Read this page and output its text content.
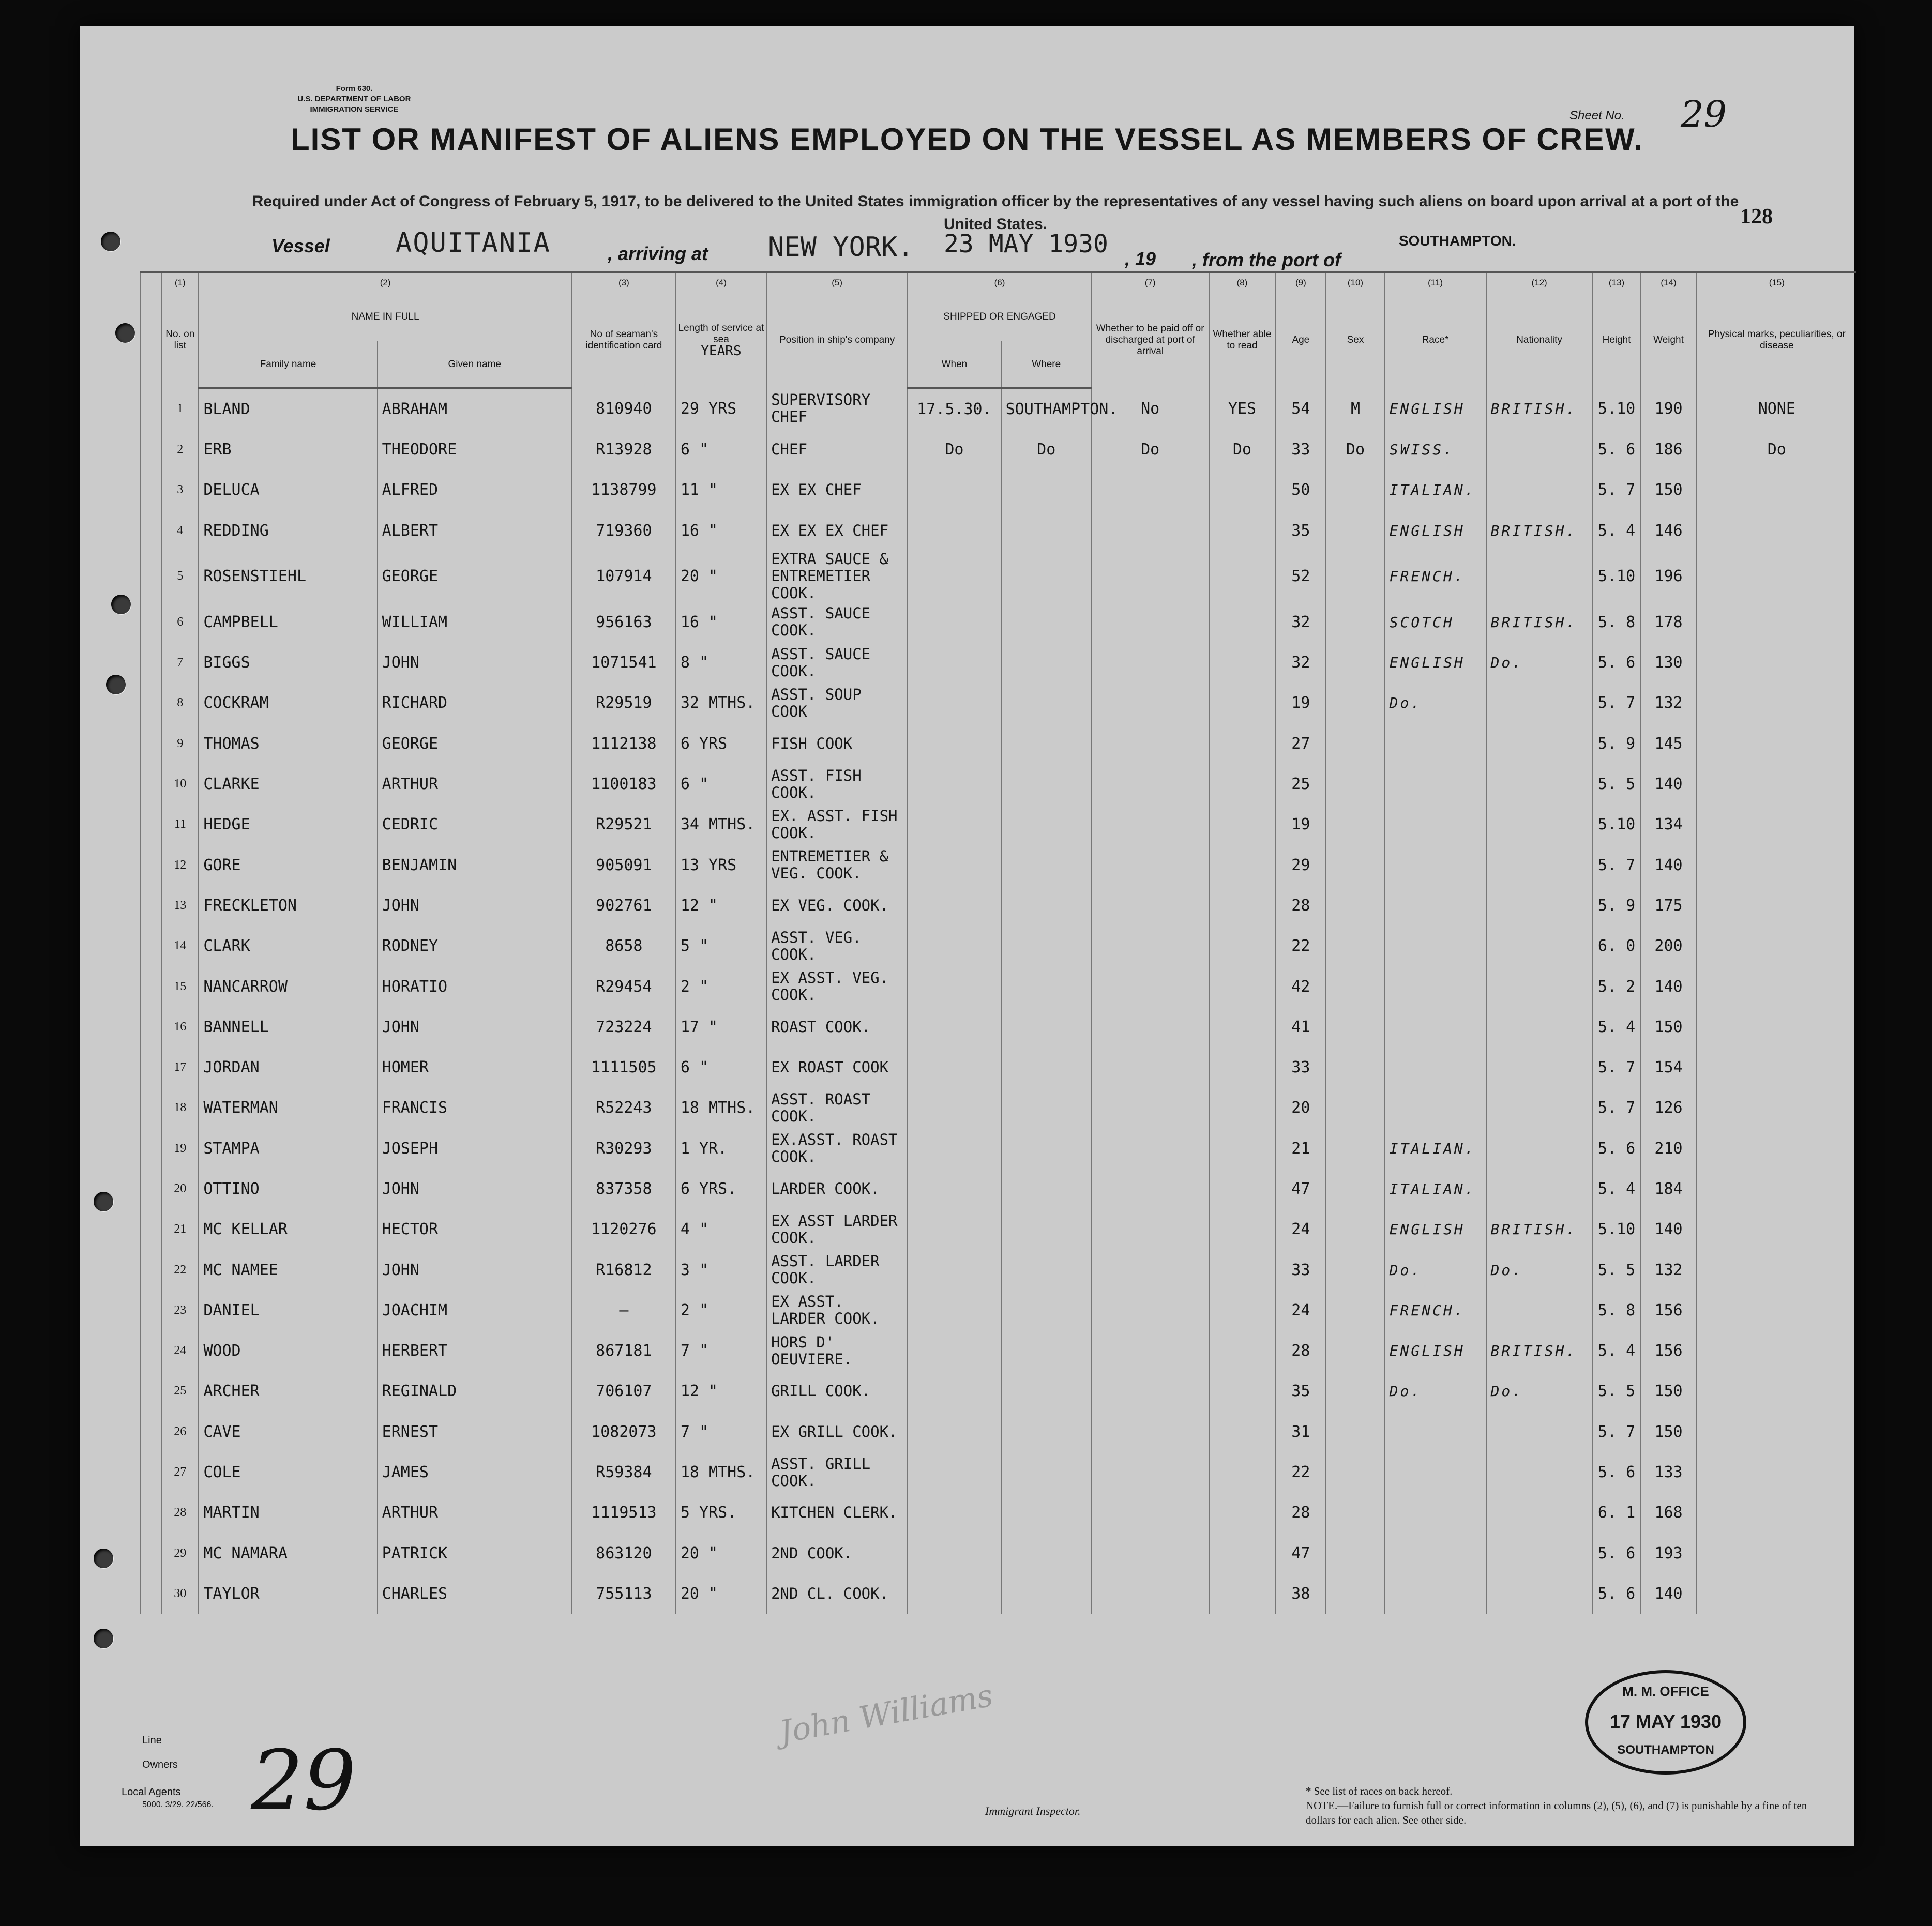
Form 630.
U.S. DEPARTMENT OF LABOR
IMMIGRATION SERVICE	Sheet No. 29
LIST OR MANIFEST OF ALIENS EMPLOYED ON THE VESSEL AS MEMBERS OF CREW.
Required under Act of Congress of February 5, 1917, to be delivered to the United States immigration officer by the representatives of any vessel having such aliens on board upon arrival at a port of the United States.	128
Vessel AQUITANIA	, arriving at NEW YORK. 23 MAY 1930
, 19 , from the port of
SOUTHAMPTON.
	(1)	(2)		(3)	(4)	(5)	(6)		(7)	(8)	(9)	(10)	(11)	(12)	(13)	(14)	(15)
	No. on list	NAME IN FULL		No of seaman's identification card	Length of service at sea
YEARS	Position in ship's company	SHIPPED OR ENGAGED		Whether to be paid off or discharged at port of arrival	Whether able to read	Age	Sex	Race*	Nationality	Height	Weight	Physical marks, peculiarities, or disease
		Family name	Given name				When	Where									
	1	BLAND	ABRAHAM	810940	29 YRS	SUPERVISORY CHEF	17.5.30.	SOUTHAMPTON.	No	YES	54	M	ENGLISH	BRITISH.	5.10	190	NONE
	2	ERB	THEODORE	R13928	6 "	CHEF	Do	Do	Do	Do	33	Do	SWISS.		5. 6	186	Do
	3	DELUCA	ALFRED	1138799	11 "	EX EX CHEF					50		ITALIAN.		5. 7	150	
	4	REDDING	ALBERT	719360	16 "	EX EX EX CHEF					35		ENGLISH	BRITISH.	5. 4	146	
	5	ROSENSTIEHL	GEORGE	107914	20 "	EXTRA SAUCE & ENTREMETIER COOK.					52		FRENCH.		5.10	196	
	6	CAMPBELL	WILLIAM	956163	16 "	ASST. SAUCE COOK.					32		SCOTCH	BRITISH.	5. 8	178	
	7	BIGGS	JOHN	1071541	8 "	ASST. SAUCE COOK.					32		ENGLISH	Do.	5. 6	130	
	8	COCKRAM	RICHARD	R29519	32 MTHS.	ASST. SOUP COOK					19		Do.		5. 7	132	
	9	THOMAS	GEORGE	1112138	6 YRS	FISH COOK					27				5. 9	145	
	10	CLARKE	ARTHUR	1100183	6 "	ASST. FISH COOK.					25				5. 5	140	
	11	HEDGE	CEDRIC	R29521	34 MTHS.	EX. ASST. FISH COOK.					19				5.10	134	
	12	GORE	BENJAMIN	905091	13 YRS	ENTREMETIER & VEG. COOK.					29				5. 7	140	
	13	FRECKLETON	JOHN	902761	12 "	EX VEG. COOK.					28				5. 9	175	
	14	CLARK	RODNEY	8658	5 "	ASST. VEG. COOK.					22				6. 0	200	
	15	NANCARROW	HORATIO	R29454	2 "	EX ASST. VEG. COOK.					42				5. 2	140	
	16	BANNELL	JOHN	723224	17 "	ROAST COOK.					41				5. 4	150	
	17	JORDAN	HOMER	1111505	6 "	EX ROAST COOK					33				5. 7	154	
	18	WATERMAN	FRANCIS	R52243	18 MTHS.	ASST. ROAST COOK.					20				5. 7	126	
	19	STAMPA	JOSEPH	R30293	1 YR.	EX.ASST. ROAST COOK.					21		ITALIAN.		5. 6	210	
	20	OTTINO	JOHN	837358	6 YRS.	LARDER COOK.					47		ITALIAN.		5. 4	184	
	21	MC KELLAR	HECTOR	1120276	4 "	EX ASST LARDER COOK.					24		ENGLISH	BRITISH.	5.10	140	
	22	MC NAMEE	JOHN	R16812	3 "	ASST. LARDER COOK.					33		Do.	Do.	5. 5	132	
	23	DANIEL	JOACHIM	—	2 "	EX ASST. LARDER COOK.					24		FRENCH.		5. 8	156	
	24	WOOD	HERBERT	867181	7 "	HORS D' OEUVIERE.					28		ENGLISH	BRITISH.	5. 4	156	
	25	ARCHER	REGINALD	706107	12 "	GRILL COOK.					35		Do.	Do.	5. 5	150	
	26	CAVE	ERNEST	1082073	7 "	EX GRILL COOK.					31				5. 7	150	
	27	COLE	JAMES	R59384	18 MTHS.	ASST. GRILL COOK.					22				5. 6	133	
	28	MARTIN	ARTHUR	1119513	5 YRS.	KITCHEN CLERK.					28				6. 1	168	
	29	MC NAMARA	PATRICK	863120	20 "	2ND COOK.					47				5. 6	193	
	30	TAYLOR	CHARLES	755113	20 "	2ND CL. COOK.					38				5. 6	140	
Line
Owners
Local Agents
5000. 3/29. 22/566. 29
John Williams
Immigrant Inspector.
* See list of races on back hereof.
NOTE.—Failure to furnish full or correct information in columns (2), (5), (6), and (7) is punishable by a fine of ten dollars for each alien. See other side.
M. M. OFFICE
17 MAY 1930
SOUTHAMPTON
